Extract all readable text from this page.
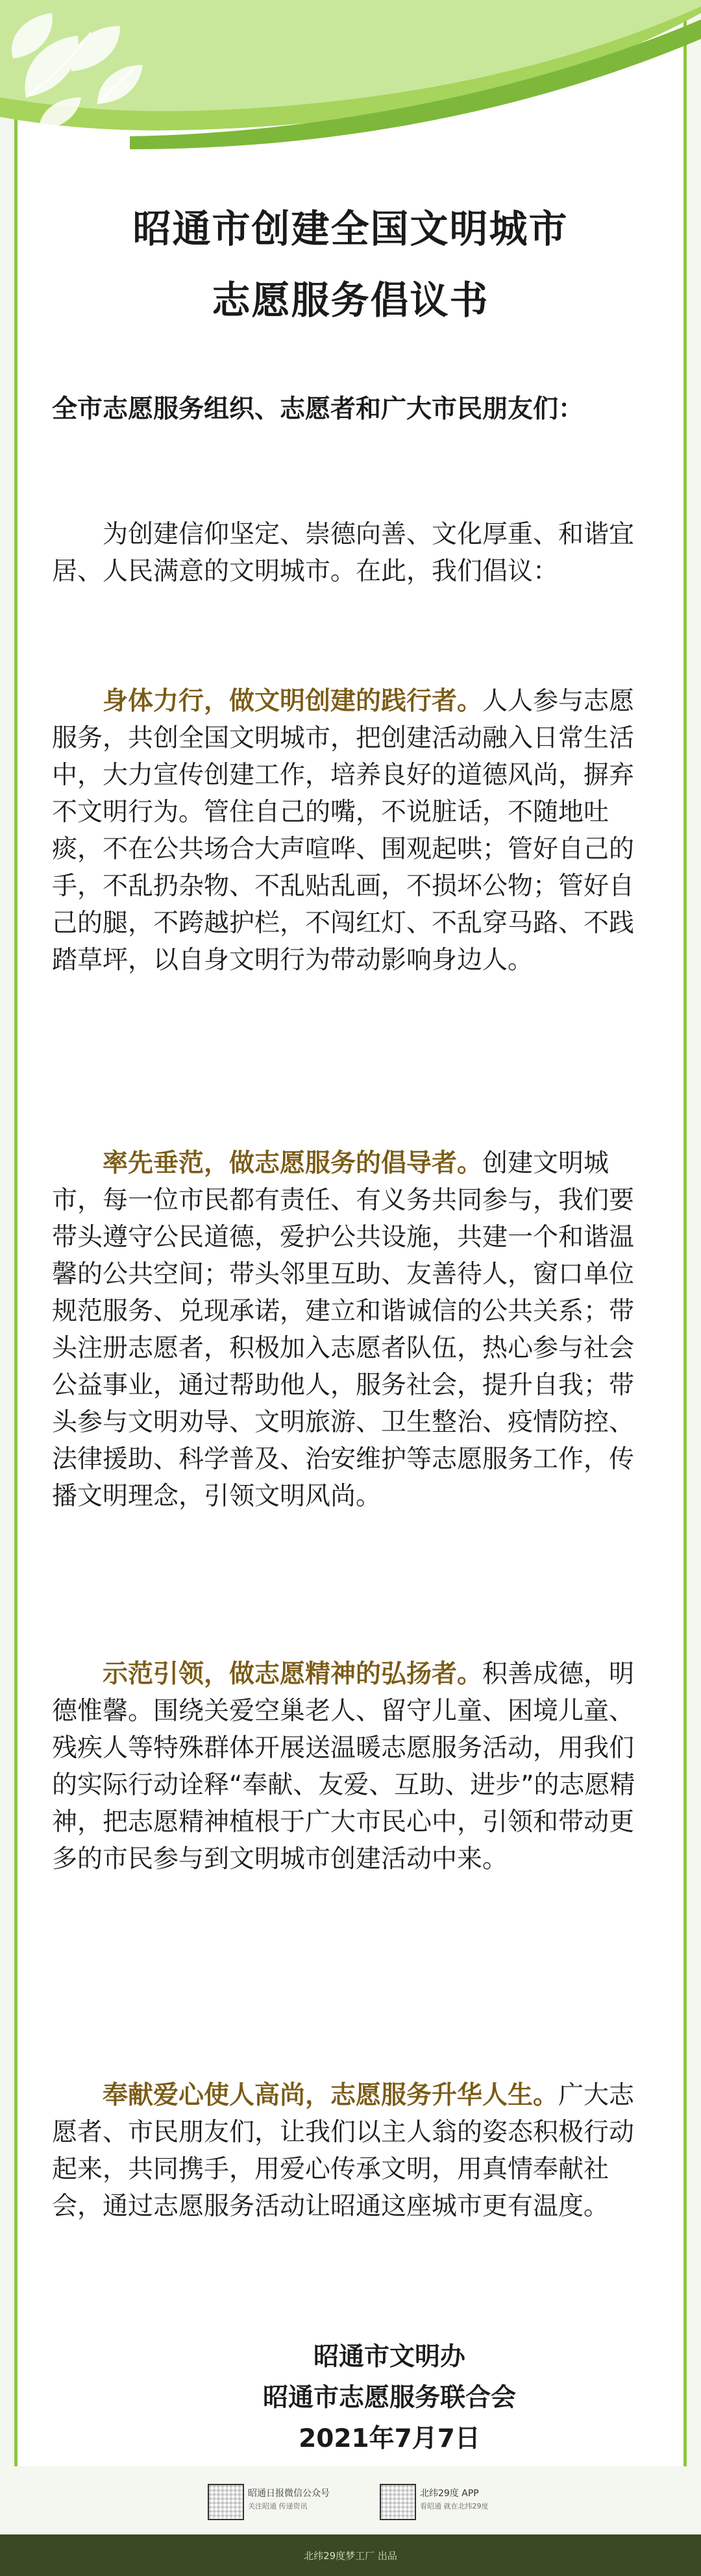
昭通市创建全国文明城市
志愿服务倡议书
全市志愿服务组织、志愿者和广大市民朋友们：
为创建信仰坚定、崇德向善、文化厚重、和谐宜居、人民满意的文明城市。在此，我们倡议：
身体力行，做文明创建的践行者。人人参与志愿服务，共创全国文明城市，把创建活动融入日常生活中，大力宣传创建工作，培养良好的道德风尚，摒弃不文明行为。管住自己的嘴，不说脏话，不随地吐痰，不在公共场合大声喧哗、围观起哄；管好自己的手，不乱扔杂物、不乱贴乱画，不损坏公物；管好自己的腿，不跨越护栏，不闯红灯、不乱穿马路、不践踏草坪，以自身文明行为带动影响身边人。
率先垂范，做志愿服务的倡导者。创建文明城市，每一位市民都有责任、有义务共同参与，我们要带头遵守公民道德，爱护公共设施，共建一个和谐温馨的公共空间；带头邻里互助、友善待人，窗口单位规范服务、兑现承诺，建立和谐诚信的公共关系；带头注册志愿者，积极加入志愿者队伍，热心参与社会公益事业，通过帮助他人，服务社会，提升自我；带头参与文明劝导、文明旅游、卫生整治、疫情防控、法律援助、科学普及、治安维护等志愿服务工作，传播文明理念，引领文明风尚。
示范引领，做志愿精神的弘扬者。积善成德，明德惟馨。围绕关爱空巢老人、留守儿童、困境儿童、残疾人等特殊群体开展送温暖志愿服务活动，用我们的实际行动诠释“奉献、友爱、互助、进步”的志愿精神，把志愿精神植根于广大市民心中，引领和带动更多的市民参与到文明城市创建活动中来。
奉献爱心使人高尚，志愿服务升华人生。广大志愿者、市民朋友们，让我们以主人翁的姿态积极行动起来，共同携手，用爱心传承文明，用真情奉献社会，通过志愿服务活动让昭通这座城市更有温度。
昭通市文明办
昭通市志愿服务联合会
2021年7月7日
昭通日报微信公众号
关注昭通 传递资讯
北纬29度 APP
看昭通 就在北纬29度
北纬29度梦工厂 出品
